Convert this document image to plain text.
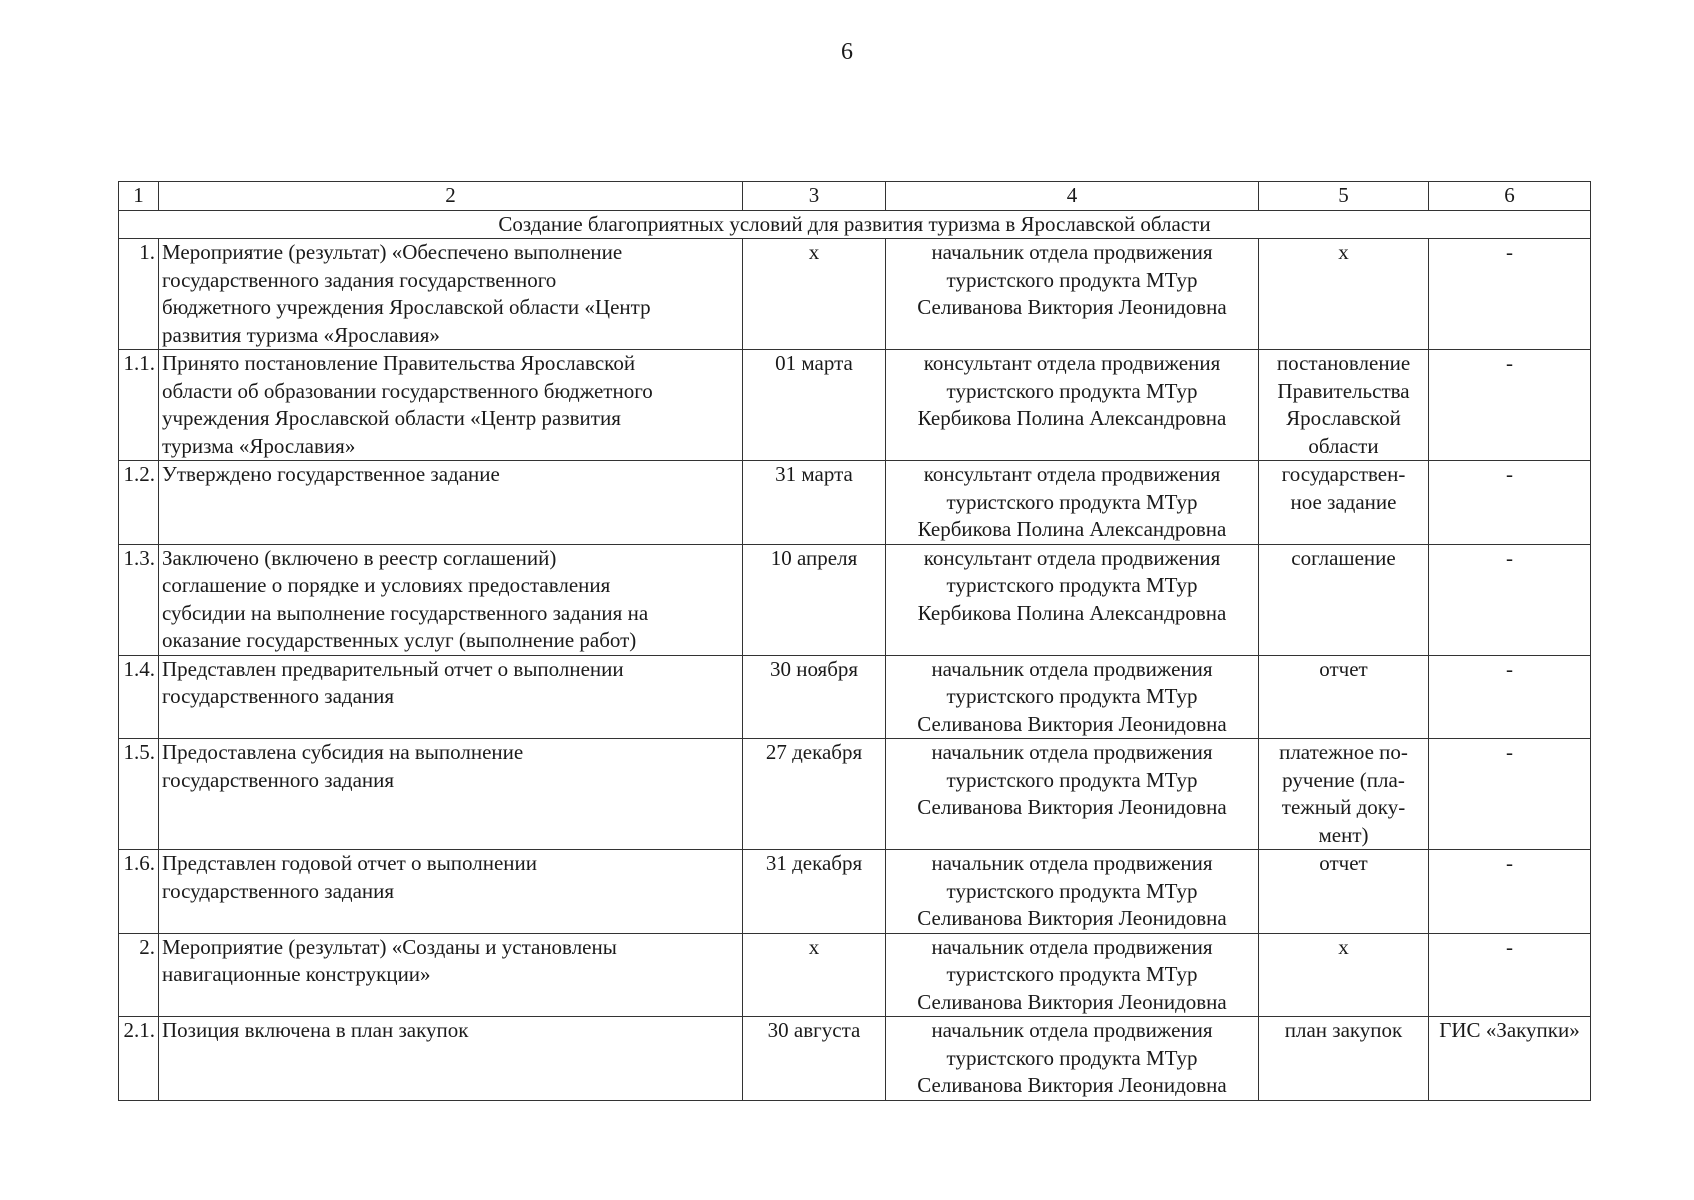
6
1	2	3	4	5	6
Создание благоприятных условий для развития туризма в Ярославской области					
1.	Мероприятие (результат) «Обеспечено выполнение
государственного задания государственного
бюджетного учреждения Ярославской области «Центр
развития туризма «Ярославия»	х	начальник отдела продвижения
туристского продукта МТур
Селиванова Виктория Леонидовна	х	-
1.1.	Принято постановление Правительства Ярославской
области об образовании государственного бюджетного
учреждения Ярославской области «Центр развития
туризма «Ярославия»	01 марта	консультант отдела продвижения
туристского продукта МТур
Кербикова Полина Александровна	постановление
Правительства
Ярославской
области	-
1.2.	Утверждено государственное задание	31 марта	консультант отдела продвижения
туристского продукта МТур
Кербикова Полина Александровна	государствен-
ное задание	-
1.3.	Заключено (включено в реестр соглашений)
соглашение о порядке и условиях предоставления
субсидии на выполнение государственного задания на
оказание государственных услуг (выполнение работ)	10 апреля	консультант отдела продвижения
туристского продукта МТур
Кербикова Полина Александровна	соглашение	-
1.4.	Представлен предварительный отчет о выполнении
государственного задания	30 ноября	начальник отдела продвижения
туристского продукта МТур
Селиванова Виктория Леонидовна	отчет	-
1.5.	Предоставлена субсидия на выполнение
государственного задания	27 декабря	начальник отдела продвижения
туристского продукта МТур
Селиванова Виктория Леонидовна	платежное по-
ручение (пла-
тежный доку-
мент)	-
1.6.	Представлен годовой отчет о выполнении
государственного задания	31 декабря	начальник отдела продвижения
туристского продукта МТур
Селиванова Виктория Леонидовна	отчет	-
2.	Мероприятие (результат) «Созданы и установлены
навигационные конструкции»	х	начальник отдела продвижения
туристского продукта МТур
Селиванова Виктория Леонидовна	х	-
2.1.	Позиция включена в план закупок	30 августа	начальник отдела продвижения
туристского продукта МТур
Селиванова Виктория Леонидовна	план закупок	ГИС «Закупки»
